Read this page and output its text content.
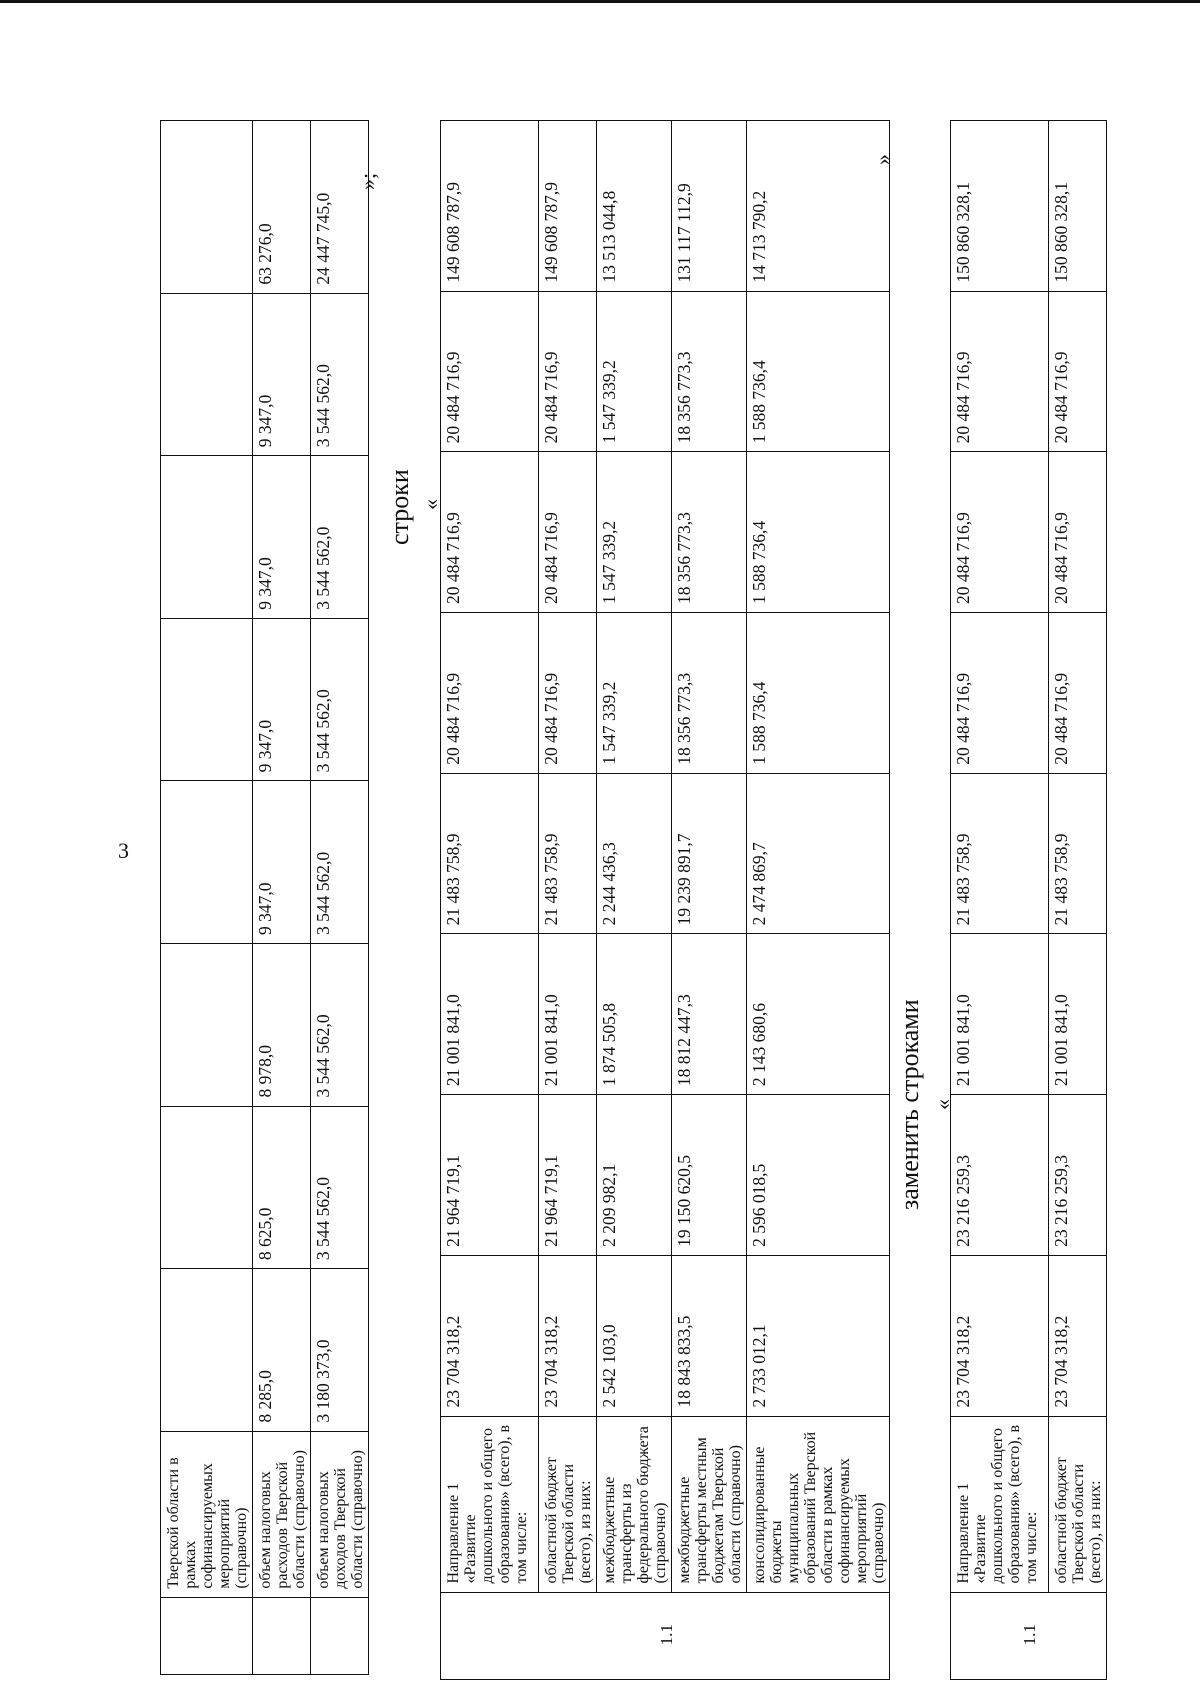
3
	Тверской области в рамках софинансируемых мероприятий (справочно)								
	объем налоговых расходов Тверской области (справочно)	8 285,0	8 625,0	8 978,0	9 347,0	9 347,0	9 347,0	9 347,0	63 276,0
	объем налоговых доходов Тверской области (справочно)	3 180 373,0	3 544 562,0	3 544 562,0	3 544 562,0	3 544 562,0	3 544 562,0	3 544 562,0	24 447 745,0
»;
строки «
1.1	Направление 1 «Развитие дошкольного и общего образования» (всего), в том числе:	23 704 318,2	21 964 719,1	21 001 841,0	21 483 758,9	20 484 716,9	20 484 716,9	20 484 716,9	149 608 787,9
	областной бюджет Тверской области (всего), из них:	23 704 318,2	21 964 719,1	21 001 841,0	21 483 758,9	20 484 716,9	20 484 716,9	20 484 716,9	149 608 787,9
	межбюджетные трансферты из федерального бюджета (справочно)	2 542 103,0	2 209 982,1	1 874 505,8	2 244 436,3	1 547 339,2	1 547 339,2	1 547 339,2	13 513 044,8
	межбюджетные трансферты местным бюджетам Тверской области (справочно)	18 843 833,5	19 150 620,5	18 812 447,3	19 239 891,7	18 356 773,3	18 356 773,3	18 356 773,3	131 117 112,9
	консолидированные бюджеты муниципальных образований Тверской области в рамках софинансируемых мероприятий (справочно)	2 733 012,1	2 596 018,5	2 143 680,6	2 474 869,7	1 588 736,4	1 588 736,4	1 588 736,4	14 713 790,2
»
заменить строками «
1.1	Направление 1 «Развитие дошкольного и общего образования» (всего), в том числе:	23 704 318,2	23 216 259,3	21 001 841,0	21 483 758,9	20 484 716,9	20 484 716,9	20 484 716,9	150 860 328,1
	областной бюджет Тверской области (всего), из них:	23 704 318,2	23 216 259,3	21 001 841,0	21 483 758,9	20 484 716,9	20 484 716,9	20 484 716,9	150 860 328,1
